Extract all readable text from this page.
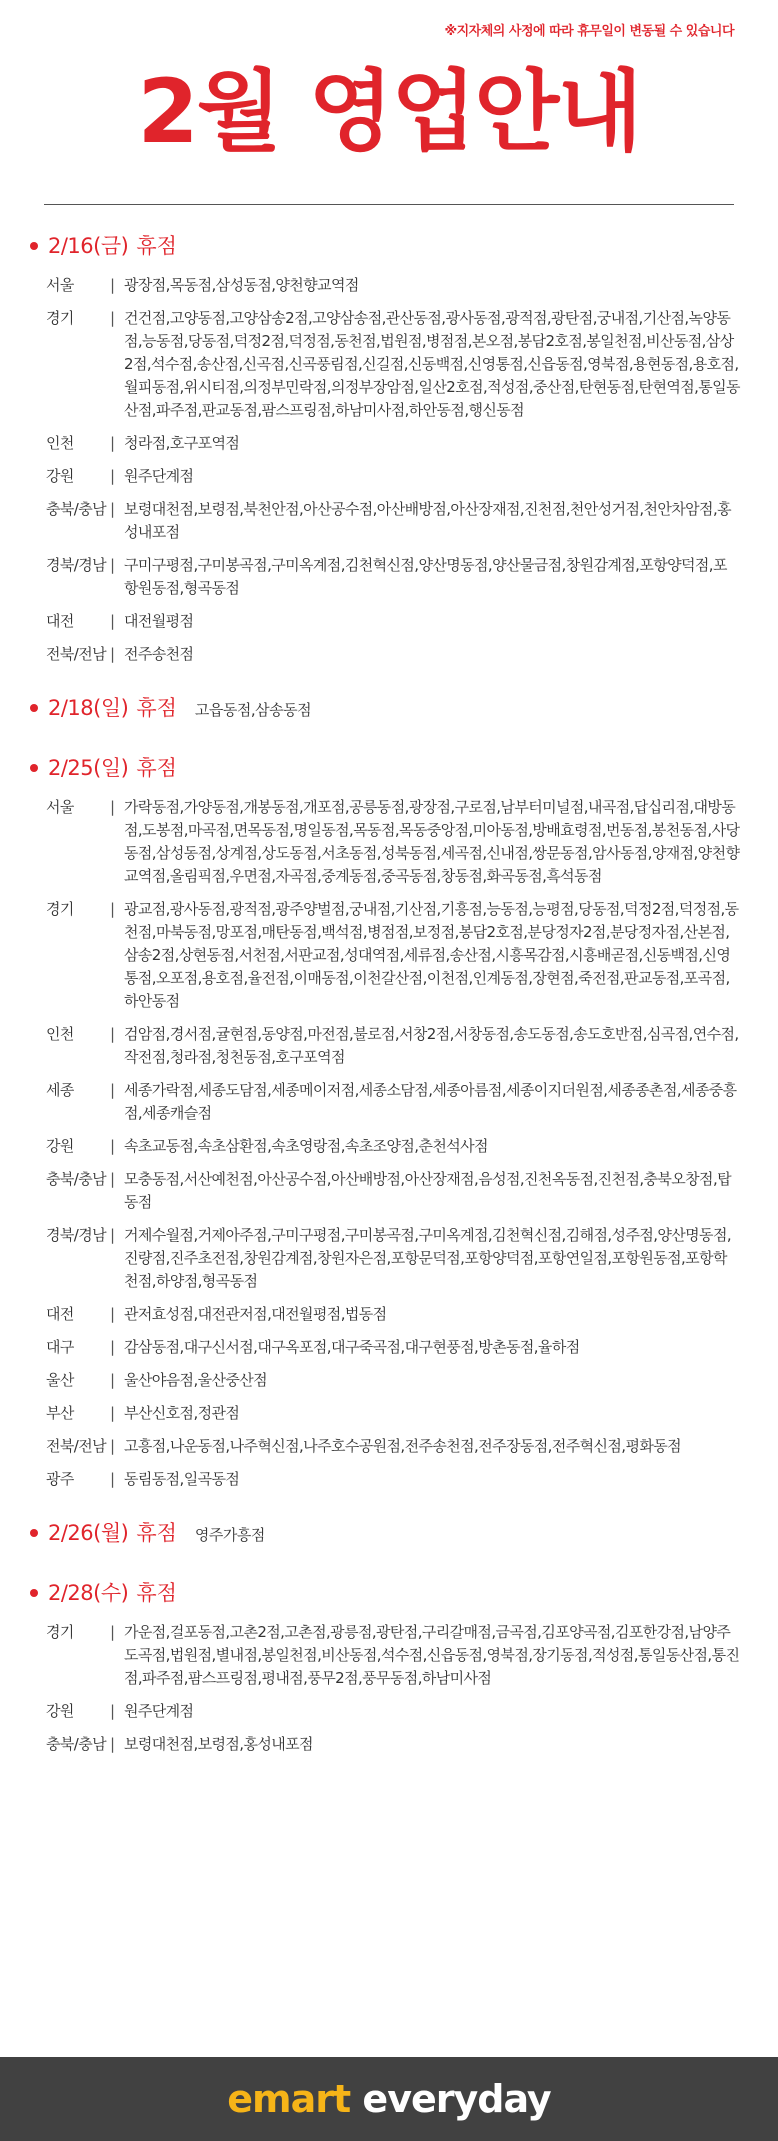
※지자체의 사정에 따라 휴무일이 변동될 수 있습니다
2월 영업안내
2/16(금) 휴점
서울	| 광장점,목동점,삼성동점,양천향교역점
경기	| 건건점,고양동점,고양삼송2점,고양삼송점,관산동점,광사동점,광적점,광탄점,궁내점,기산점,녹양동점,능동점,당동점,덕정2점,덕정점,동천점,법원점,병점점,본오점,봉담2호점,봉일천점,비산동점,삼상2점,석수점,송산점,신곡점,신곡풍림점,신길점,신동백점,신영통점,신읍동점,영북점,용현동점,용호점,월피동점,위시티점,의정부민락점,의정부장암점,일산2호점,적성점,중산점,탄현동점,탄현역점,통일동산점,파주점,판교동점,팜스프링점,하남미사점,하안동점,행신동점
인천	| 청라점,호구포역점
강원	| 원주단계점
충북/충남 | 보령대천점,보령점,북천안점,아산공수점,아산배방점,아산장재점,진천점,천안성거점,천안차암점,홍성내포점
경북/경남 | 구미구평점,구미봉곡점,구미옥계점,김천혁신점,양산명동점,양산물금점,창원감계점,포항양덕점,포항원동점,형곡동점
대전	| 대전월평점
전북/전남 | 전주송천점
2/18(일) 휴점 고읍동점,삼송동점
2/25(일) 휴점
서울	| 가락동점,가양동점,개봉동점,개포점,공릉동점,광장점,구로점,남부터미널점,내곡점,답십리점,대방동점,도봉점,마곡점,면목동점,명일동점,목동점,목동중앙점,미아동점,방배효령점,번동점,봉천동점,사당동점,삼성동점,상계점,상도동점,서초동점,성북동점,세곡점,신내점,쌍문동점,암사동점,양재점,양천향교역점,올림픽점,우면점,자곡점,중계동점,중곡동점,창동점,화곡동점,흑석동점
경기	| 광교점,광사동점,광적점,광주양벌점,궁내점,기산점,기흥점,능동점,능평점,당동점,덕정2점,덕정점,동천점,마북동점,망포점,매탄동점,백석점,병점점,보정점,봉담2호점,분당정자2점,분당정자점,산본점,삼송2점,상현동점,서천점,서판교점,성대역점,세류점,송산점,시흥목감점,시흥배곧점,신동백점,신영통점,오포점,용호점,율전점,이매동점,이천갈산점,이천점,인계동점,장현점,죽전점,판교동점,포곡점,하안동점
인천	| 검암점,경서점,귤현점,동양점,마전점,불로점,서창2점,서창동점,송도동점,송도호반점,심곡점,연수점,작전점,청라점,청천동점,호구포역점
세종	| 세종가락점,세종도담점,세종메이저점,세종소담점,세종아름점,세종이지더원점,세종종촌점,세종중흥점,세종캐슬점
강원	| 속초교동점,속초삼환점,속초영랑점,속초조양점,춘천석사점
충북/충남 | 모충동점,서산예천점,아산공수점,아산배방점,아산장재점,음성점,진천옥동점,진천점,충북오창점,탑동점
경북/경남 | 거제수월점,거제아주점,구미구평점,구미봉곡점,구미옥계점,김천혁신점,김해점,성주점,양산명동점,진량점,진주초전점,창원감계점,창원자은점,포항문덕점,포항양덕점,포항연일점,포항원동점,포항학천점,하양점,형곡동점
대전	| 관저효성점,대전관저점,대전월평점,법동점
대구	| 감삼동점,대구신서점,대구옥포점,대구죽곡점,대구현풍점,방촌동점,율하점
울산	| 울산야음점,울산중산점
부산	| 부산신호점,정관점
전북/전남 | 고흥점,나운동점,나주혁신점,나주호수공원점,전주송천점,전주장동점,전주혁신점,평화동점
광주	| 동림동점,일곡동점
2/26(월) 휴점 영주가흥점
2/28(수) 휴점
경기	| 가운점,걸포동점,고촌2점,고촌점,광릉점,광탄점,구리갈매점,금곡점,김포양곡점,김포한강점,남양주도곡점,법원점,별내점,봉일천점,비산동점,석수점,신읍동점,영북점,장기동점,적성점,통일동산점,통진점,파주점,팜스프링점,평내점,풍무2점,풍무동점,하남미사점
강원	| 원주단계점
충북/충남 | 보령대천점,보령점,홍성내포점
emart everyday
